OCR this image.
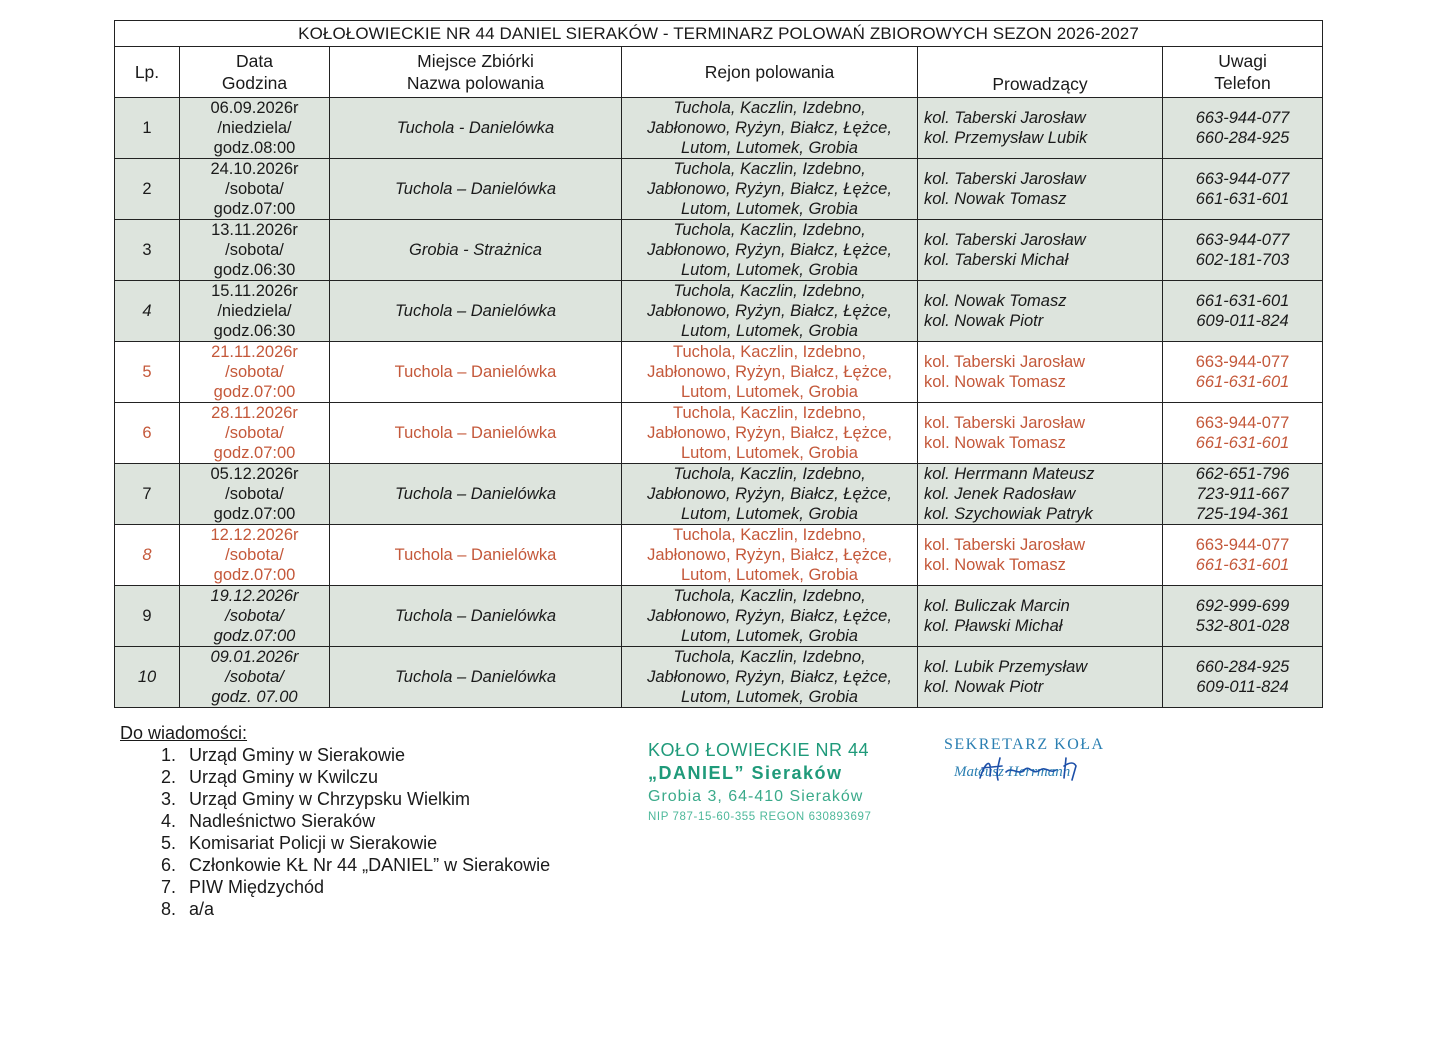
KOŁOŁOWIECKIE NR 44 DANIEL SIERAKÓW - TERMINARZ POLOWAŃ ZBIOROWYCH SEZON 2026-2027					
Lp.	Data
Godzina	Miejsce Zbiórki
Nazwa polowania	Rejon polowania	Prowadzący	Uwagi
Telefon

1	06.09.2026r
/niedziela/
godz.08:00	Tuchola - Danielówka	Tuchola, Kaczlin, Izdebno,
Jabłonowo, Ryżyn, Białcz, Łężce,
Lutom, Lutomek, Grobia	kol. Taberski Jarosław
kol. Przemysław Lubik	663-944-077
660-284-925

2	24.10.2026r
/sobota/
godz.07:00	Tuchola – Danielówka	Tuchola, Kaczlin, Izdebno,
Jabłonowo, Ryżyn, Białcz, Łężce,
Lutom, Lutomek, Grobia	kol. Taberski Jarosław
kol. Nowak Tomasz	663-944-077
661-631-601

3	13.11.2026r
/sobota/
godz.06:30	Grobia - Strażnica	Tuchola, Kaczlin, Izdebno,
Jabłonowo, Ryżyn, Białcz, Łężce,
Lutom, Lutomek, Grobia	kol. Taberski Jarosław
kol. Taberski Michał	663-944-077
602-181-703

4	15.11.2026r
/niedziela/
godz.06:30	Tuchola – Danielówka	Tuchola, Kaczlin, Izdebno,
Jabłonowo, Ryżyn, Białcz, Łężce,
Lutom, Lutomek, Grobia	kol. Nowak Tomasz
kol. Nowak Piotr	661-631-601
609-011-824

5	21.11.2026r
/sobota/
godz.07:00	Tuchola – Danielówka	Tuchola, Kaczlin, Izdebno,
Jabłonowo, Ryżyn, Białcz, Łężce,
Lutom, Lutomek, Grobia	kol. Taberski Jarosław
kol. Nowak Tomasz	663-944-077
661-631-601

6	28.11.2026r
/sobota/
godz.07:00	Tuchola – Danielówka	Tuchola, Kaczlin, Izdebno,
Jabłonowo, Ryżyn, Białcz, Łężce,
Lutom, Lutomek, Grobia	kol. Taberski Jarosław
kol. Nowak Tomasz	663-944-077
661-631-601

7	05.12.2026r
/sobota/
godz.07:00	Tuchola – Danielówka	Tuchola, Kaczlin, Izdebno,
Jabłonowo, Ryżyn, Białcz, Łężce,
Lutom, Lutomek, Grobia	kol. Herrmann Mateusz
kol. Jenek Radosław
kol. Szychowiak Patryk	662-651-796
723-911-667
725-194-361

8	12.12.2026r
/sobota/
godz.07:00	Tuchola – Danielówka	Tuchola, Kaczlin, Izdebno,
Jabłonowo, Ryżyn, Białcz, Łężce,
Lutom, Lutomek, Grobia	kol. Taberski Jarosław
kol. Nowak Tomasz	663-944-077
661-631-601

9	19.12.2026r
/sobota/
godz.07:00	Tuchola – Danielówka	Tuchola, Kaczlin, Izdebno,
Jabłonowo, Ryżyn, Białcz, Łężce,
Lutom, Lutomek, Grobia	kol. Buliczak Marcin
kol. Pławski Michał	692-999-699
532-801-028

10	09.01.2026r
/sobota/
godz. 07.00	Tuchola – Danielówka	Tuchola, Kaczlin, Izdebno,
Jabłonowo, Ryżyn, Białcz, Łężce,
Lutom, Lutomek, Grobia	kol. Lubik Przemysław
kol. Nowak Piotr	660-284-925
609-011-824
Do wiadomości:
1. Urząd Gminy w Sierakowie
2. Urząd Gminy w Kwilczu
3. Urząd Gminy w Chrzypsku Wielkim
4. Nadleśnictwo Sieraków
5. Komisariat Policji w Sierakowie
6. Członkowie KŁ Nr 44 „DANIEL” w Sierakowie
7. PIW Międzychód
8. a/a
KOŁO ŁOWIECKIE NR 44
„DANIEL” Sieraków
Grobia 3, 64-410 Sieraków
NIP 787-15-60-355 REGON 630893697
SEKRETARZ KOŁA
Mateusz Herrmann
